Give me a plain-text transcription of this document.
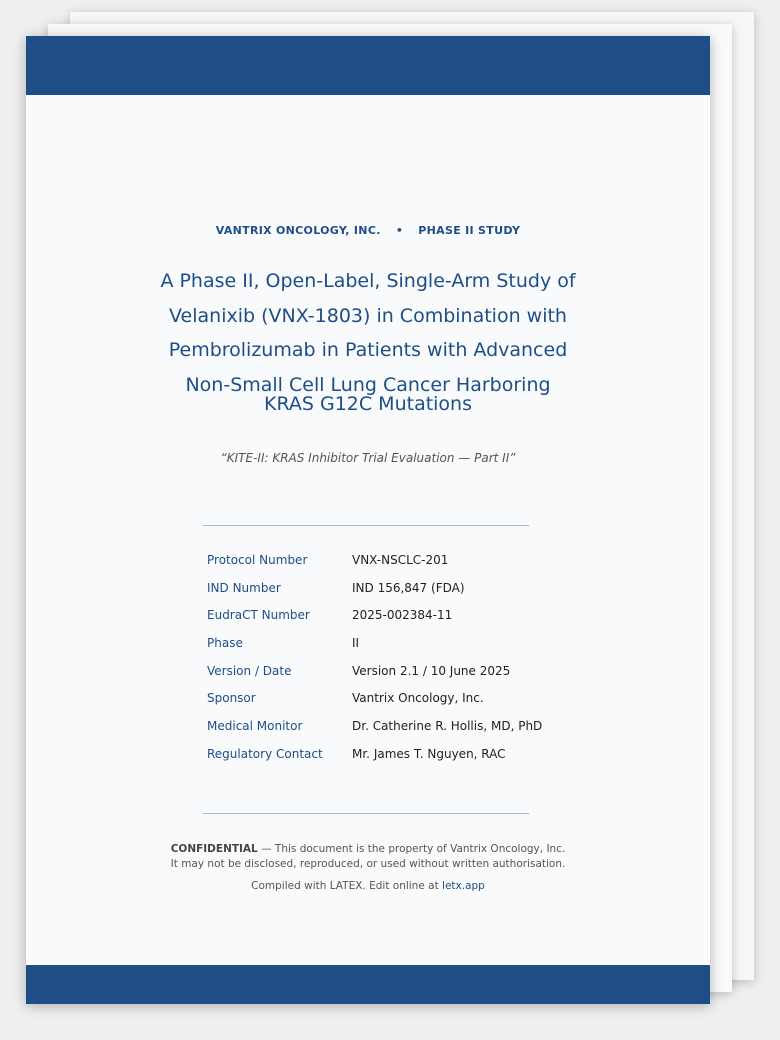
VANTRIX ONCOLOGY, INC. • PHASE II STUDY
A Phase II, Open-Label, Single-Arm Study of
Velanixib (VNX-1803) in Combination with
Pembrolizumab in Patients with Advanced
Non-Small Cell Lung Cancer Harboring
KRAS G12C Mutations
“KITE-II: KRAS Inhibitor Trial Evaluation — Part II”
Protocol Number	VNX-NSCLC-201
IND Number	IND 156,847 (FDA)
EudraCT Number	2025-002384-11
Phase	II
Version / Date	Version 2.1 / 10 June 2025
Sponsor	Vantrix Oncology, Inc.
Medical Monitor	Dr. Catherine R. Hollis, MD, PhD
Regulatory Contact	Mr. James T. Nguyen, RAC
CONFIDENTIAL — This document is the property of Vantrix Oncology, Inc.
It may not be disclosed, reproduced, or used without written authorisation.
Compiled with LATEX. Edit online at letx.app
